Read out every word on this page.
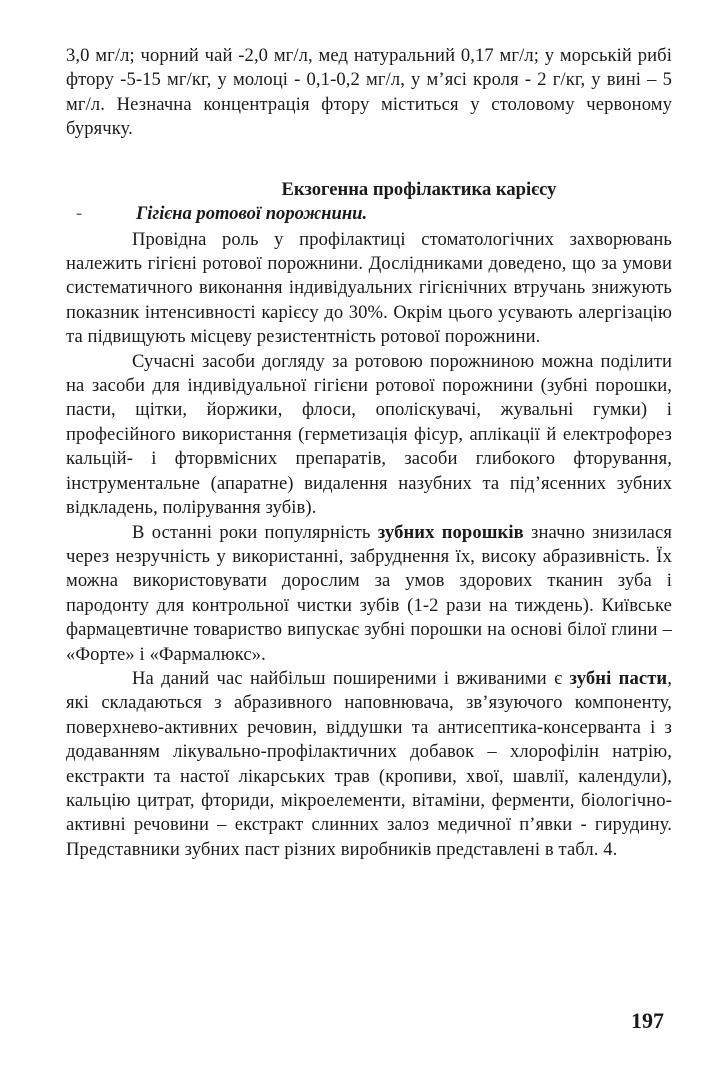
3,0 мг/л; чорний чай -2,0 мг/л, мед натуральний 0,17 мг/л; у морській рибі фтору -5-15 мг/кг, у молоці - 0,1-0,2 мг/л, у м’ясі кроля - 2 г/кг, у вині – 5 мг/л. Незначна концентрація фтору міститься у столовому червоному бурячку.

Екзогенна профілактика карієсу
-	Гігієна ротової порожнини.

Провідна роль у профілактиці стоматологічних захворювань належить гігієні ротової порожнини. Дослідниками доведено, що за умови систематичного виконання індивідуальних гігієнічних втручань знижують показник інтенсивності карієсу до 30%. Окрім цього усувають алергізацію та підвищують місцеву резистентність ротової порожнини.

Сучасні засоби догляду за ротовою порожниною можна поділити на засоби для індивідуальної гігієни ротової порожнини (зубні порошки, пасти, щітки, йоржики, флоси, ополіскувачі, жувальні гумки) і професійного використання (герметизація фісур, аплікації й електрофорез кальцій- і фторвмісних препаратів, засоби глибокого фторування, інструментальне (апаратне) видалення назубних та під’ясенних зубних відкладень, полірування зубів).

В останні роки популярність зубних порошків значно знизилася через незручність у використанні, забруднення їх, високу абразивність. Їх можна використовувати дорослим за умов здорових тканин зуба і пародонту для контрольної чистки зубів (1-2 рази на тиждень). Київське фармацевтичне товариство випускає зубні порошки на основі білої глини – «Форте» і «Фармалюкс».

На даний час найбільш поширеними і вживаними є зубні пасти, які складаються з абразивного наповнювача, зв’язуючого компоненту, поверхнево-активних речовин, віддушки та антисептика-консерванта і з додаванням лікувально-профілактичних добавок – хлорофілін натрію, екстракти та настої лікарських трав (кропиви, хвої, шавлії, календули), кальцію цитрат, фториди, мікроелементи, вітаміни, ферменти, біологічно-активні речовини – екстракт слинних залоз медичної п’явки - гирудину. Представники зубних паст різних виробників представлені в табл. 4.

197
